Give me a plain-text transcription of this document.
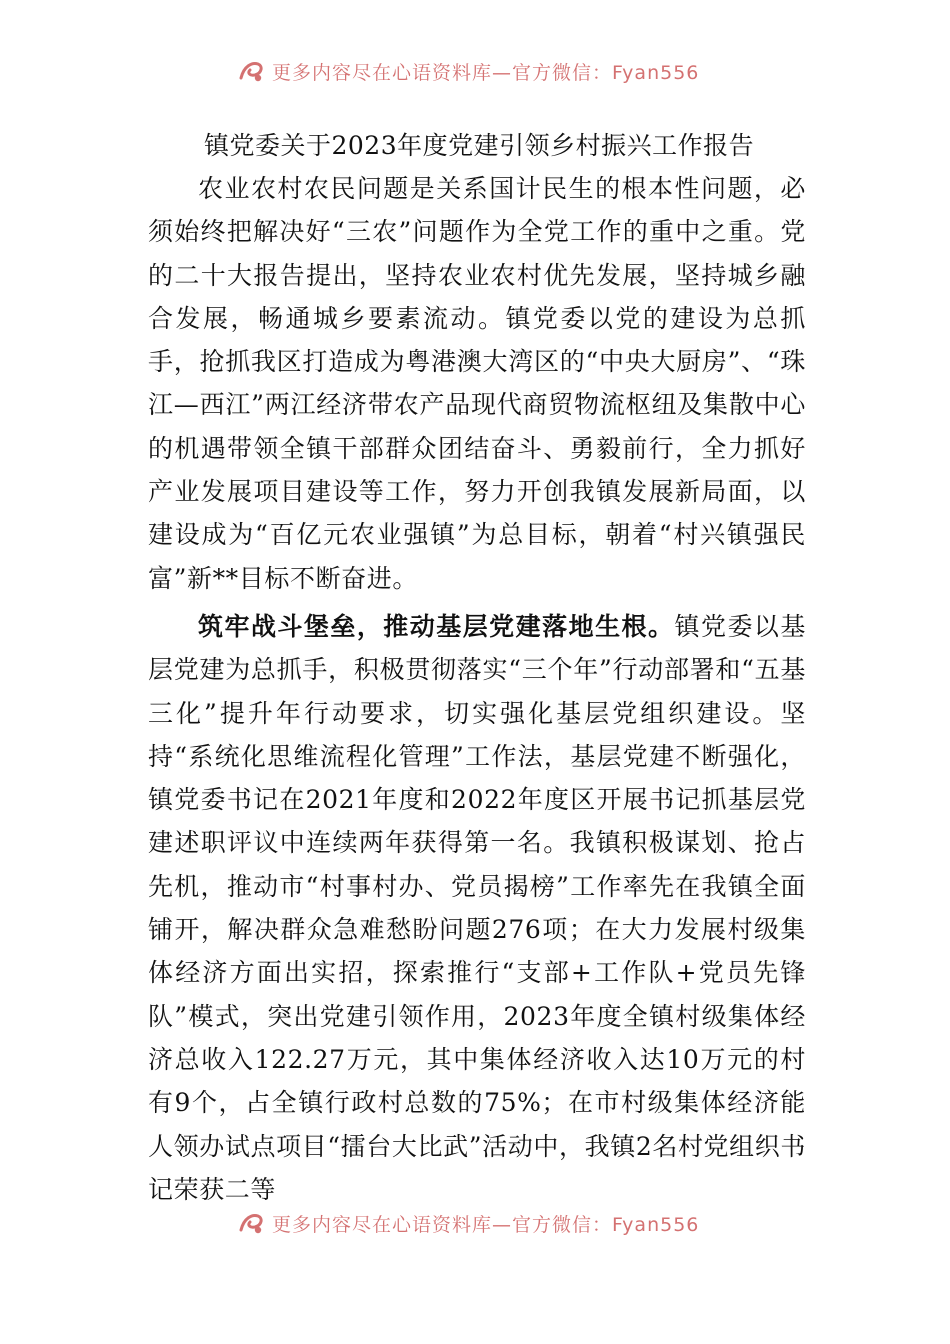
更多内容尽在心语资料库—官方微信：Fyan556
镇党委关于2023年度党建引领乡村振兴工作报告

农业农村农民问题是关系国计民生的根本性问题，必须始终把解决好“三农”问题作为全党工作的重中之重。党的二十大报告提出，坚持农业农村优先发展，坚持城乡融合发展，畅通城乡要素流动。镇党委以党的建设为总抓手，抢抓我区打造成为粤港澳大湾区的“中央大厨房”、“珠江—西江”两江经济带农产品现代商贸物流枢纽及集散中心的机遇带领全镇干部群众团结奋斗、勇毅前行，全力抓好产业发展项目建设等工作，努力开创我镇发展新局面，以建设成为“百亿元农业强镇”为总目标，朝着“村兴镇强民富”新**目标不断奋进。

筑牢战斗堡垒，推动基层党建落地生根。镇党委以基层党建为总抓手，积极贯彻落实“三个年”行动部署和“五基三化”提升年行动要求，切实强化基层党组织建设。坚持“系统化思维流程化管理”工作法，基层党建不断强化，镇党委书记在2021年度和2022年度区开展书记抓基层党建述职评议中连续两年获得第一名。我镇积极谋划、抢占先机，推动市“村事村办、党员揭榜”工作率先在我镇全面铺开，解决群众急难愁盼问题276项；在大力发展村级集体经济方面出实招，探索推行“支部+工作队+党员先锋队”模式，突出党建引领作用，2023年度全镇村级集体经济总收入122.27万元，其中集体经济收入达10万元的村有9个，占全镇行政村总数的75%；在市村级集体经济能人领办试点项目“擂台大比武”活动中，我镇2名村党组织书记荣获二等

更多内容尽在心语资料库—官方微信：Fyan556
